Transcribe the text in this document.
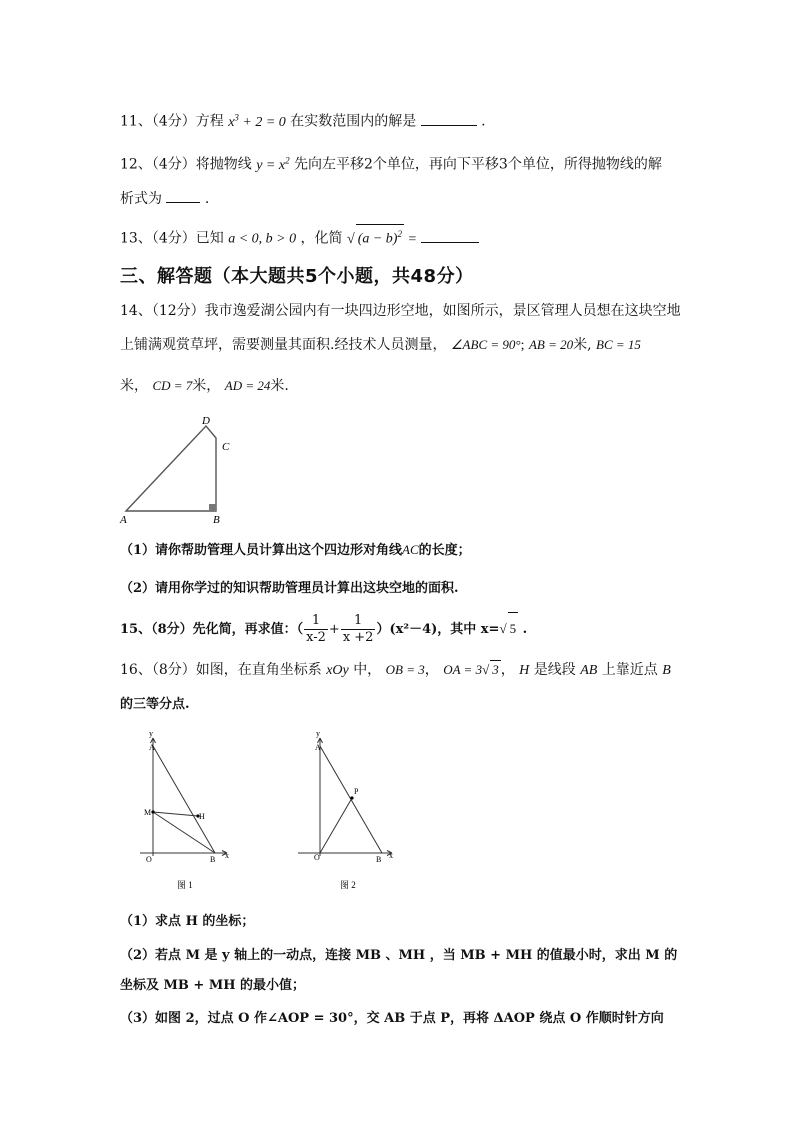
11、（4分）方程 $x^3 + 2 = 0$ 在实数范围内的解是	.
12、（4分）将抛物线 $y = x^2$ 先向左平移2个单位，再向下平移3个单位，所得抛物线的解
析式为	.
13、（4分）已知 a < 0, b > 0 ，化简 √ $(a - b)^2$ =
三、解答题（本大题共5个小题，共48分）
14、（12分）我市逸爱湖公园内有一块四边形空地，如图所示，景区管理人员想在这块空地
上铺满观赏草坪，需要测量其面积.经技术人员测量， ∠ABC = 90°; AB = 20米, BC = 15
米， CD = 7米， AD = 24米.
A	B
C
D
（1）请你帮助管理人员计算出这个四边形对角线AC的长度；
（2）请用你学过的知识帮助管理员计算出这块空地的面积.
15、（8分）先化简，再求值：（ $\frac{1}{x-2} + \frac{1}{x +2} )(x^2-4)$，其中 x=√ 5 .
16、（8分）如图，在直角坐标系 xOy 中， OB = 3， OA = 3√ 3 ， H 是线段 AB 上靠近点 B
的三等分点.
y
A
M	H
O	B x
图 1
y
A
P
O	B x
图 2
（1）求点 H 的坐标；
（2）若点 M 是 y 轴上的一动点，连接 MB 、MH ，当 MB + MH 的值最小时，求出 M 的
坐标及 MB + MH 的最小值；
（3）如图 2，过点 O 作∠AOP = 30°，交 AB 于点 P，再将 ΔAOP 绕点 O 作顺时针方向
